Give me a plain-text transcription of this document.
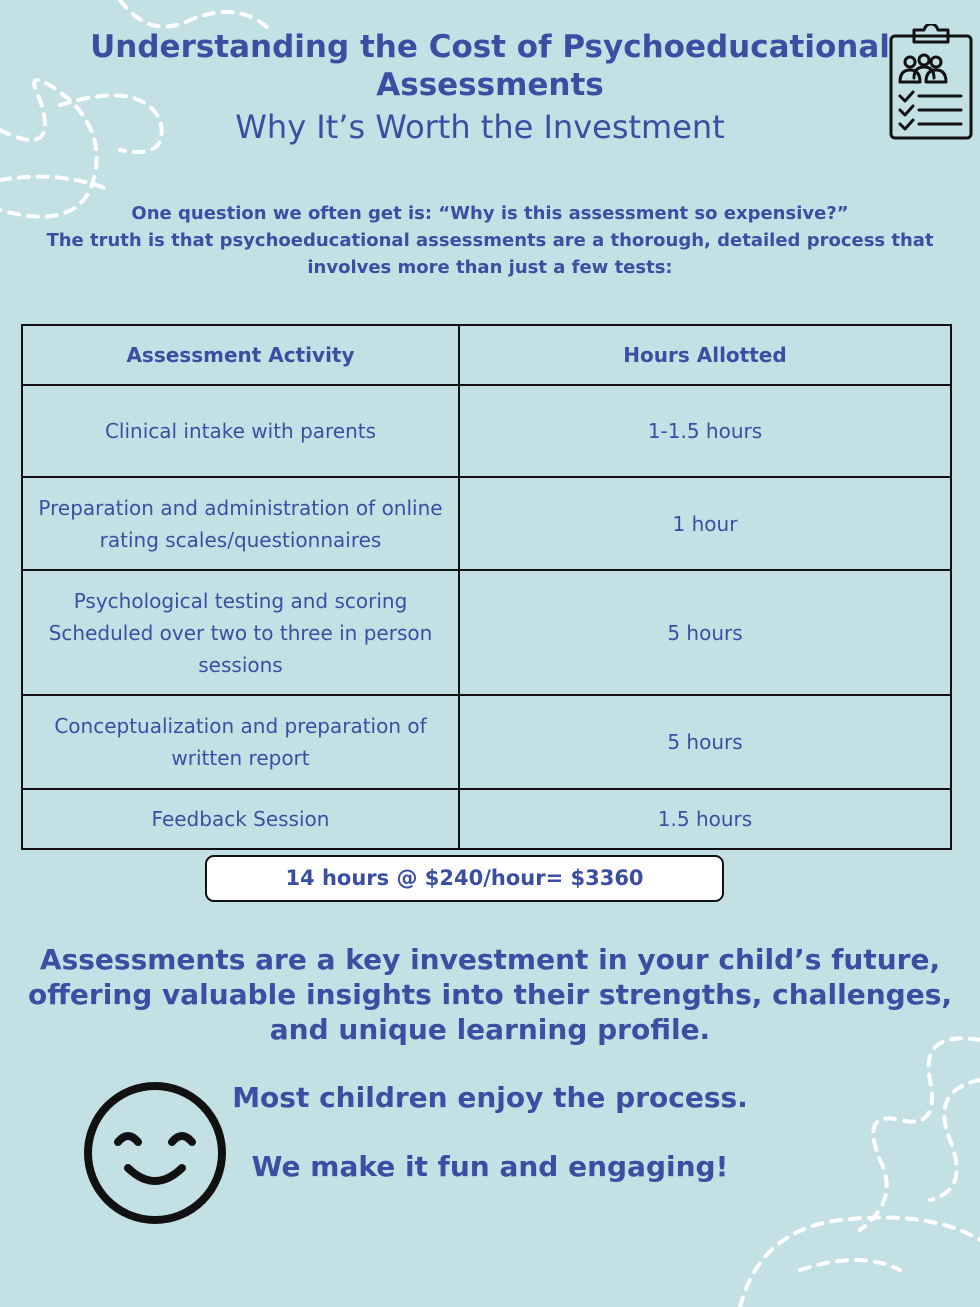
Understanding the Cost of Psychoeducational Assessments
Why It’s Worth the Investment
One question we often get is: “Why is this assessment so expensive?”
The truth is that psychoeducational assessments are a thorough, detailed process that involves more than just a few tests:
Assessment Activity	Hours Allotted
Clinical intake with parents	1-1.5 hours
Preparation and administration of online rating scales/questionnaires	1 hour
Psychological testing and scoring Scheduled over two to three in person sessions	5 hours
Conceptualization and preparation of written report	5 hours
Feedback Session	1.5 hours
14 hours @ $240/hour= $3360
Assessments are a key investment in your child’s future, offering valuable insights into their strengths, challenges, and unique learning profile.
Most children enjoy the process.
We make it fun and engaging!
